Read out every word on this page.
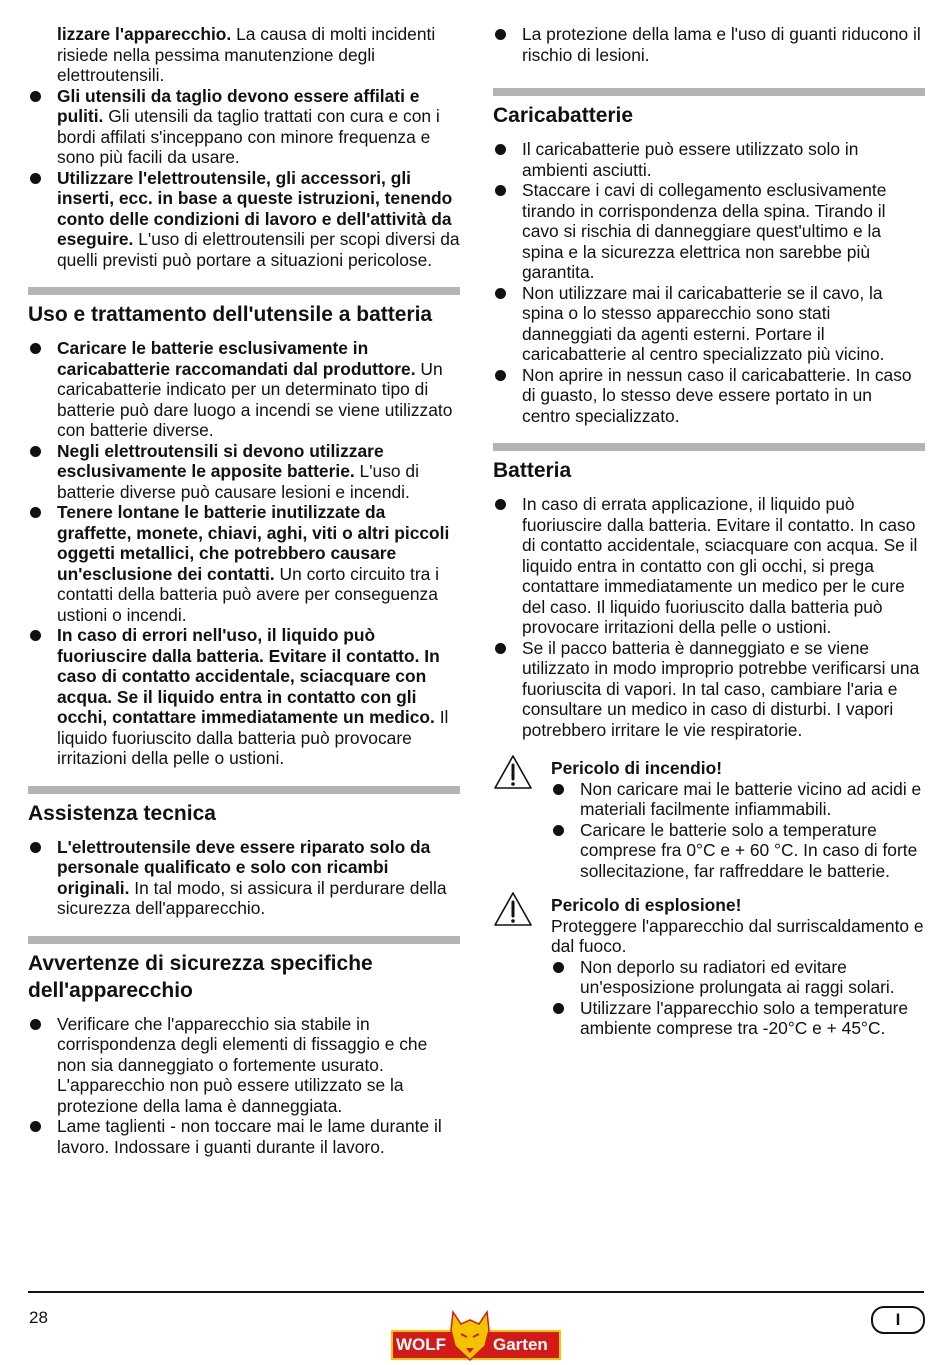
lizzare l'apparecchio. La causa di molti incidenti risiede nella pessima manutenzione degli elettroutensili.

Gli utensili da taglio devono essere affilati e puliti. Gli utensili da taglio trattati con cura e con i bordi affilati s'inceppano con minore frequenza e sono più facili da usare.
Utilizzare l'elettroutensile, gli accessori, gli inserti, ecc. in base a queste istruzioni, tenendo conto delle condizioni di lavoro e dell'attività da eseguire. L'uso di elettroutensili per scopi diversi da quelli previsti può portare a situazioni pericolose.
Uso e trattamento dell'utensile a batteria
Caricare le batterie esclusivamente in caricabatterie raccomandati dal produttore. Un caricabatterie indicato per un determinato tipo di batterie può dare luogo a incendi se viene utilizzato con batterie diverse.
Negli elettroutensili si devono utilizzare esclusivamente le apposite batterie. L'uso di batterie diverse può causare lesioni e incendi.
Tenere lontane le batterie inutilizzate da graffette, monete, chiavi, aghi, viti o altri piccoli oggetti metallici, che potrebbero causare un'esclusione dei contatti. Un corto circuito tra i contatti della batteria può avere per conseguenza ustioni o incendi.
In caso di errori nell'uso, il liquido può fuoriuscire dalla batteria. Evitare il contatto. In caso di contatto accidentale, sciacquare con acqua. Se il liquido entra in contatto con gli occhi, contattare immediatamente un medico. Il liquido fuoriuscito dalla batteria può provocare irritazioni della pelle o ustioni.
Assistenza tecnica
L'elettroutensile deve essere riparato solo da personale qualificato e solo con ricambi originali. In tal modo, si assicura il perdurare della sicurezza dell'apparecchio.
Avvertenze di sicurezza specifiche dell'apparecchio
Verificare che l'apparecchio sia stabile in corrispondenza degli elementi di fissaggio e che non sia danneggiato o fortemente usurato. L'apparecchio non può essere utilizzato se la protezione della lama è danneggiata.
Lame taglienti - non toccare mai le lame durante il lavoro. Indossare i guanti durante il lavoro.
La protezione della lama e l'uso di guanti riducono il rischio di lesioni.
Caricabatterie
Il caricabatterie può essere utilizzato solo in ambienti asciutti.
Staccare i cavi di collegamento esclusivamente tirando in corrispondenza della spina. Tirando il cavo si rischia di danneggiare quest'ultimo e la spina e la sicurezza elettrica non sarebbe più garantita.
Non utilizzare mai il caricabatterie se il cavo, la spina o lo stesso apparecchio sono stati danneggiati da agenti esterni. Portare il caricabatterie al centro specializzato più vicino.
Non aprire in nessun caso il caricabatterie. In caso di guasto, lo stesso deve essere portato in un centro specializzato.
Batteria
In caso di errata applicazione, il liquido può fuoriuscire dalla batteria. Evitare il contatto. In caso di contatto accidentale, sciacquare con acqua. Se il liquido entra in contatto con gli occhi, si prega contattare immediatamente un medico per le cure del caso. Il liquido fuoriuscito dalla batteria può provocare irritazioni della pelle o ustioni.
Se il pacco batteria è danneggiato e se viene utilizzato in modo improprio potrebbe verificarsi una fuoriuscita di vapori. In tal caso, cambiare l'aria e consultare un medico in caso di disturbi. I vapori potrebbero irritare le vie respiratorie.
Pericolo di incendio!
Non caricare mai le batterie vicino ad acidi e materiali facilmente infiammabili.
Caricare le batterie solo a temperature comprese fra 0°C e + 60 °C. In caso di forte sollecitazione, far raffreddare le batterie.
Pericolo di esplosione!

Proteggere l'apparecchio dal surriscaldamento e dal fuoco.

Non deporlo su radiatori ed evitare un'esposizione prolungata ai raggi solari.
Utilizzare l'apparecchio solo a temperature ambiente comprese tra -20°C e + 45°C.
28	I
WOLF	Garten
